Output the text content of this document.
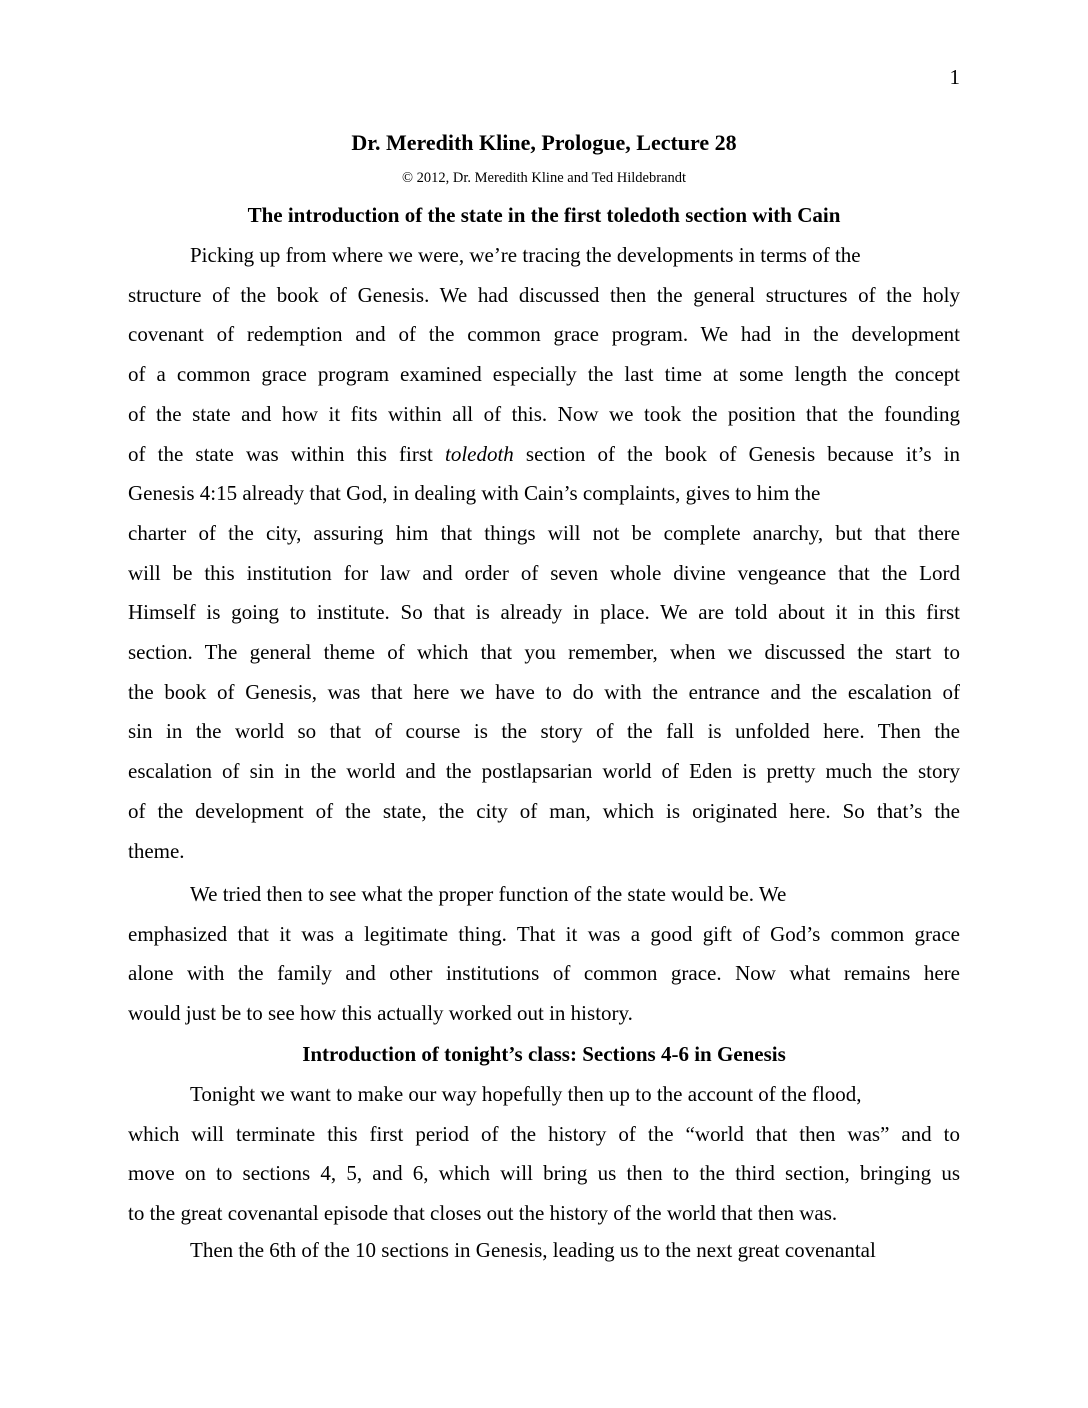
1
Dr. Meredith Kline, Prologue, Lecture 28
© 2012, Dr. Meredith Kline and Ted Hildebrandt
The introduction of the state in the first toledoth section with Cain
Picking up from where we were, we’re tracing the developments in terms of the
structure of the book of Genesis. We had discussed then the general structures of the holy
covenant of redemption and of the common grace program. We had in the development
of a common grace program examined especially the last time at some length the concept
of the state and how it fits within all of this. Now we took the position that the founding
of the state was within this first toledoth section of the book of Genesis because it’s in
Genesis 4:15 already that God, in dealing with Cain’s complaints, gives to him the
charter of the city, assuring him that things will not be complete anarchy, but that there
will be this institution for law and order of seven whole divine vengeance that the Lord
Himself is going to institute. So that is already in place. We are told about it in this first
section. The general theme of which that you remember, when we discussed the start to
the book of Genesis, was that here we have to do with the entrance and the escalation of
sin in the world so that of course is the story of the fall is unfolded here. Then the
escalation of sin in the world and the postlapsarian world of Eden is pretty much the story
of the development of the state, the city of man, which is originated here. So that’s the
theme.
We tried then to see what the proper function of the state would be. We
emphasized that it was a legitimate thing. That it was a good gift of God’s common grace
alone with the family and other institutions of common grace. Now what remains here
would just be to see how this actually worked out in history.
Introduction of tonight’s class: Sections 4-6 in Genesis
Tonight we want to make our way hopefully then up to the account of the flood,
which will terminate this first period of the history of the “world that then was” and to
move on to sections 4, 5, and 6, which will bring us then to the third section, bringing us
to the great covenantal episode that closes out the history of the world that then was.
Then the 6th of the 10 sections in Genesis, leading us to the next great covenantal
